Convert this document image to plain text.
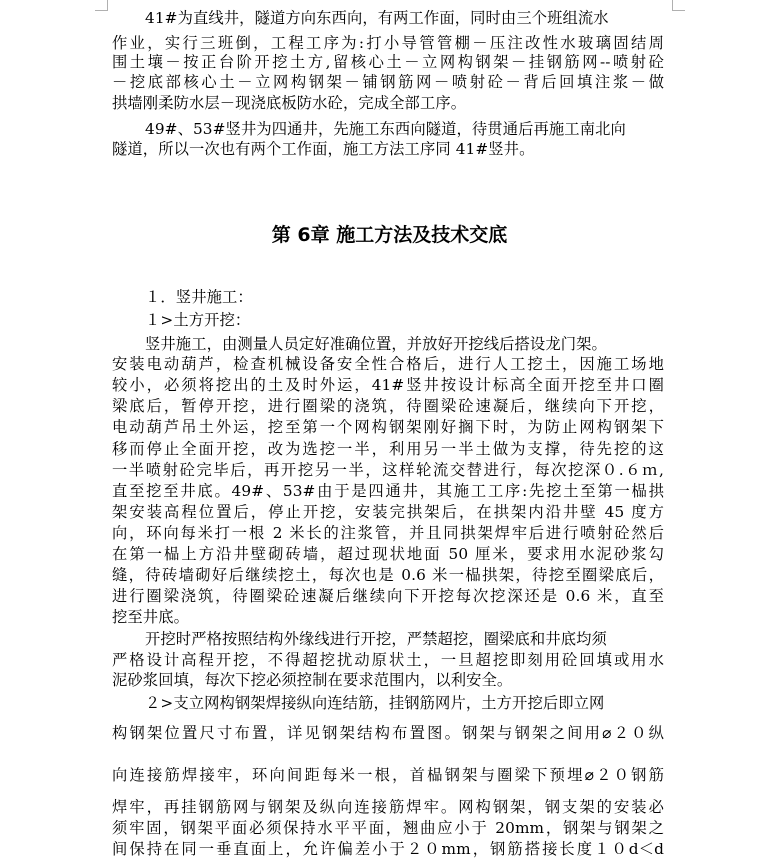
41#为直线井，隧道方向东西向，有两工作面，同时由三个班组流水
作业，实行三班倒，工程工序为:打小导管管棚－压注改性水玻璃固结周
围土壤－按正台阶开挖土方,留核心土－立网构钢架－挂钢筋网--喷射砼
－挖底部核心土－立网构钢架－铺钢筋网－喷射砼－背后回填注浆－做
拱墙刚柔防水层－现浇底板防水砼，完成全部工序。
49#、53#竖井为四通井，先施工东西向隧道，待贯通后再施工南北向
隧道，所以一次也有两个工作面，施工方法工序同 41#竖井。
第 6章 施工方法及技术交底
１．竖井施工：
１>土方开挖：
竖井施工，由测量人员定好准确位置，并放好开挖线后搭设龙门架。
安装电动葫芦，检查机械设备安全性合格后，进行人工挖土，因施工场地
较小，必须将挖出的土及时外运，41#竖井按设计标高全面开挖至井口圈
梁底后，暂停开挖，进行圈梁的浇筑，待圈梁砼速凝后，继续向下开挖，
电动葫芦吊土外运，挖至第一个网构钢架刚好搁下时，为防止网构钢架下
移而停止全面开挖，改为选挖一半，利用另一半土做为支撑，待先挖的这
一半喷射砼完毕后，再开挖另一半，这样轮流交替进行，每次挖深０.６ｍ,
直至挖至井底。49#、53#由于是四通井，其施工工序:先挖土至第一榀拱
架安装高程位置后，停止开挖，安装完拱架后，在拱架内沿井壁 45 度方
向，环向每米打一根 2 米长的注浆管，并且同拱架焊牢后进行喷射砼然后
在第一榀上方沿井壁砌砖墙，超过现状地面 50 厘米，要求用水泥砂浆勾
缝，待砖墙砌好后继续挖土，每次也是 0.6 米一榀拱架，待挖至圈梁底后，
进行圈梁浇筑，待圈梁砼速凝后继续向下开挖每次挖深还是 0.6 米，直至
挖至井底。
开挖时严格按照结构外缘线进行开挖，严禁超挖，圈梁底和井底均须
严格设计高程开挖，不得超挖扰动原状土，一旦超挖即刻用砼回填或用水
泥砂浆回填，每次下挖必须控制在要求范围内，以利安全。
２>支立网构钢架焊接纵向连结筋，挂钢筋网片，土方开挖后即立网
构钢架位置尺寸布置，详见钢架结构布置图。钢架与钢架之间用⌀２０纵
向连接筋焊接牢，环向间距每米一根，首榀钢架与圈梁下预埋⌀２０钢筋
焊牢，再挂钢筋网与钢架及纵向连接筋焊牢。网构钢架，钢支架的安装必
须牢固，钢架平面必须保持水平平面，翘曲应小于 20mm，钢架与钢架之
间保持在同一垂直面上，允许偏差小于２０mm，钢筋搭接长度１０d＜d
